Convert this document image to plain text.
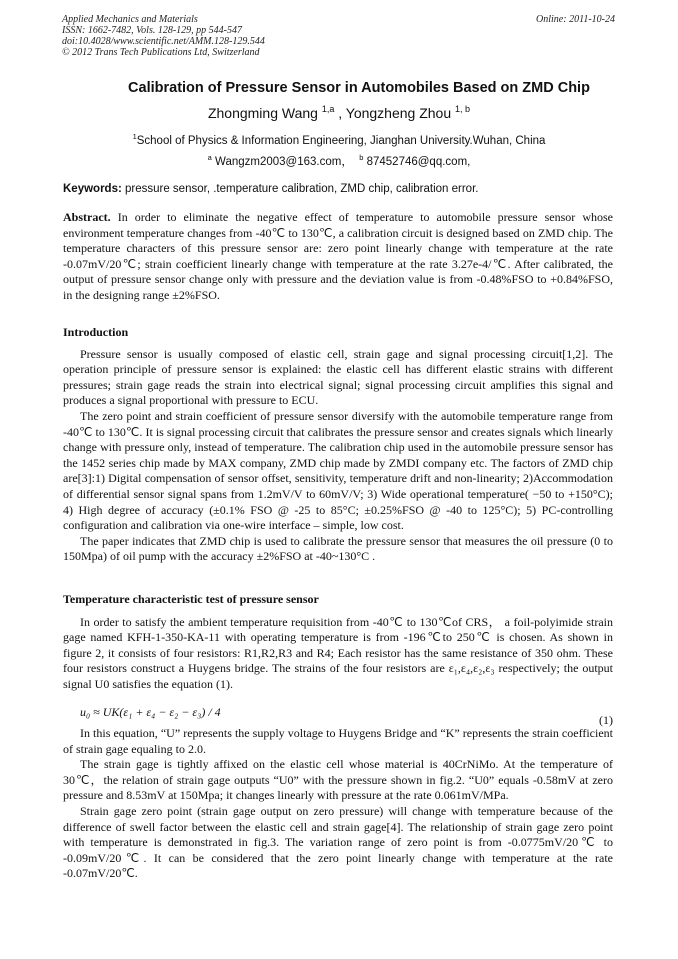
Applied Mechanics and Materials
ISSN: 1662-7482, Vols. 128-129, pp 544-547
doi:10.4028/www.scientific.net/AMM.128-129.544
© 2012 Trans Tech Publications Ltd, Switzerland
Online: 2011-10-24
Calibration of Pressure Sensor in Automobiles Based on ZMD Chip
Zhongming Wang $^{1,a}$ , Yongzheng Zhou $^{1, b}$
$^1$School of Physics & Information Engineering, Jianghan University.Wuhan, China
$^a$ Wangzm2003@163.com， $^b$ 87452746@qq.com,
Keywords: pressure sensor, .temperature calibration, ZMD chip, calibration error.

Abstract. In order to eliminate the negative effect of temperature to automobile pressure sensor whose environment temperature changes from -40℃ to 130℃, a calibration circuit is designed based on ZMD chip. The temperature characters of this pressure sensor are: zero point linearly change with temperature at the rate -0.07mV/20℃; strain coefficient linearly change with temperature at the rate 3.27e-4/℃. After calibrated, the output of pressure sensor change only with pressure and the deviation value is from -0.48%FSO to +0.84%FSO, in the designing range ±2%FSO.

Introduction

Pressure sensor is usually composed of elastic cell, strain gage and signal processing circuit[1,2]. The operation principle of pressure sensor is explained: the elastic cell has different elastic strains with different pressures; strain gage reads the strain into electrical signal; signal processing circuit amplifies this signal and produces a signal proportional with pressure to ECU.

The zero point and strain coefficient of pressure sensor diversify with the automobile temperature range from -40℃ to 130℃. It is signal processing circuit that calibrates the pressure sensor and creates signals which linearly change with pressure only, instead of temperature. The calibration chip used in the automobile pressure sensor has the 1452 series chip made by MAX company, ZMD chip made by ZMDI company etc. The factors of ZMD chip are[3]:1) Digital compensation of sensor offset, sensitivity, temperature drift and non-linearity; 2)Accommodation of differential sensor signal spans from 1.2mV/V to 60mV/V; 3) Wide operational temperature( −50 to +150°C); 4) High degree of accuracy (±0.1% FSO @ -25 to 85°C; ±0.25%FSO @ -40 to 125°C); 5) PC-controlling configuration and calibration via one-wire interface – simple, low cost.

The paper indicates that ZMD chip is used to calibrate the pressure sensor that measures the oil pressure (0 to 150Mpa) of oil pump with the accuracy ±2%FSO at -40~130°C .

Temperature characteristic test of pressure sensor

In order to satisfy the ambient temperature requisition from -40℃ to 130℃of CRS， a foil-polyimide strain gage named KFH-1-350-KA-11 with operating temperature is from -196℃to 250℃ is chosen. As shown in figure 2, it consists of four resistors: R1,R2,R3 and R4; Each resistor has the same resistance of 350 ohm. These four resistors construct a Huygens bridge. The strains of the four resistors are ε₁,ε₄,ε₂,ε₃ respectively; the output signal U0 satisfies the equation (1).

u₀ ≈ UK(ε₁ + ε₄ − ε₂ − ε₃) / 4
(1)

In this equation, “U” represents the supply voltage to Huygens Bridge and “K” represents the strain coefficient of strain gage equaling to 2.0.

The strain gage is tightly affixed on the elastic cell whose material is 40CrNiMo. At the temperature of 30℃，the relation of strain gage outputs “U0” with the pressure shown in fig.2. “U0” equals -0.58mV at zero pressure and 8.53mV at 150Mpa; it changes linearly with pressure at the rate 0.061mV/MPa.

Strain gage zero point (strain gage output on zero pressure) will change with temperature because of the difference of swell factor between the elastic cell and strain gage[4]. The relationship of strain gage zero point with temperature is demonstrated in fig.3. The variation range of zero point is from -0.0775mV/20℃ to -0.09mV/20℃. It can be considered that the zero point linearly change with temperature at the rate -0.07mV/20℃.
